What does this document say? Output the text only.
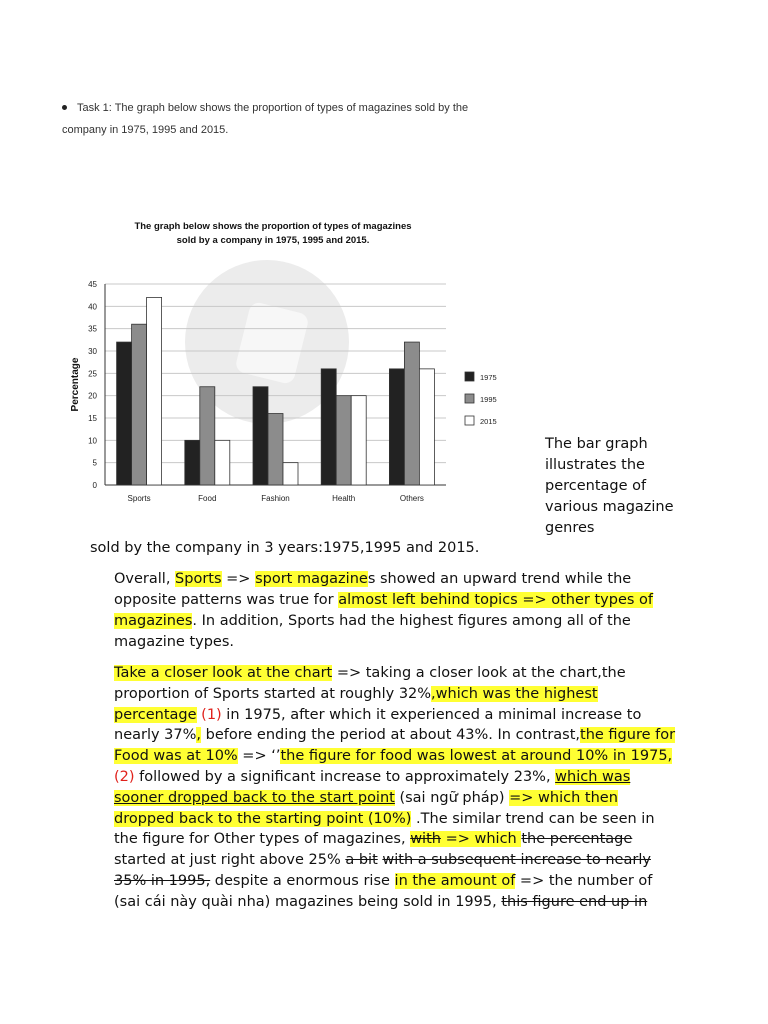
Task 1: The graph below shows the proportion of types of magazines sold by the
company in 1975, 1995 and 2015.
The graph below shows the proportion of types of magazines
sold by a company in 1975, 1995 and 2015.
0
5
10
15
20
25
30
35
40
45
Percentage
Sports	Food	Fashion	Health	Others
1975
1995
2015
The bar graph illustrates the percentage of various magazine genres

sold by the company in 3 years:1975,1995 and 2015.

Overall, Sports => sport magazines showed an upward trend while the opposite patterns was true for almost left behind topics => other types of magazines. In addition, Sports had the highest figures among all of the magazine types.

Take a closer look at the chart => taking a closer look at the chart,the proportion of Sports started at roughly 32%,which was the highest percentage (1) in 1975, after which it experienced a minimal increase to nearly 37%, before ending the period at about 43%. In contrast,the figure for Food was at 10% => ‘’the figure for food was lowest at around 10% in 1975, (2) followed by a significant increase to approximately 23%, which was sooner dropped back to the start point (sai ngữ pháp) => which then dropped back to the starting point (10%) .The similar trend can be seen in the figure for Other types of magazines, with => which the percentage started at just right above 25% a bit with a subsequent increase to nearly 35% in 1995, despite a enormous rise in the amount of => the number of (sai cái này quài nha) magazines being sold in 1995, this figure end up in
